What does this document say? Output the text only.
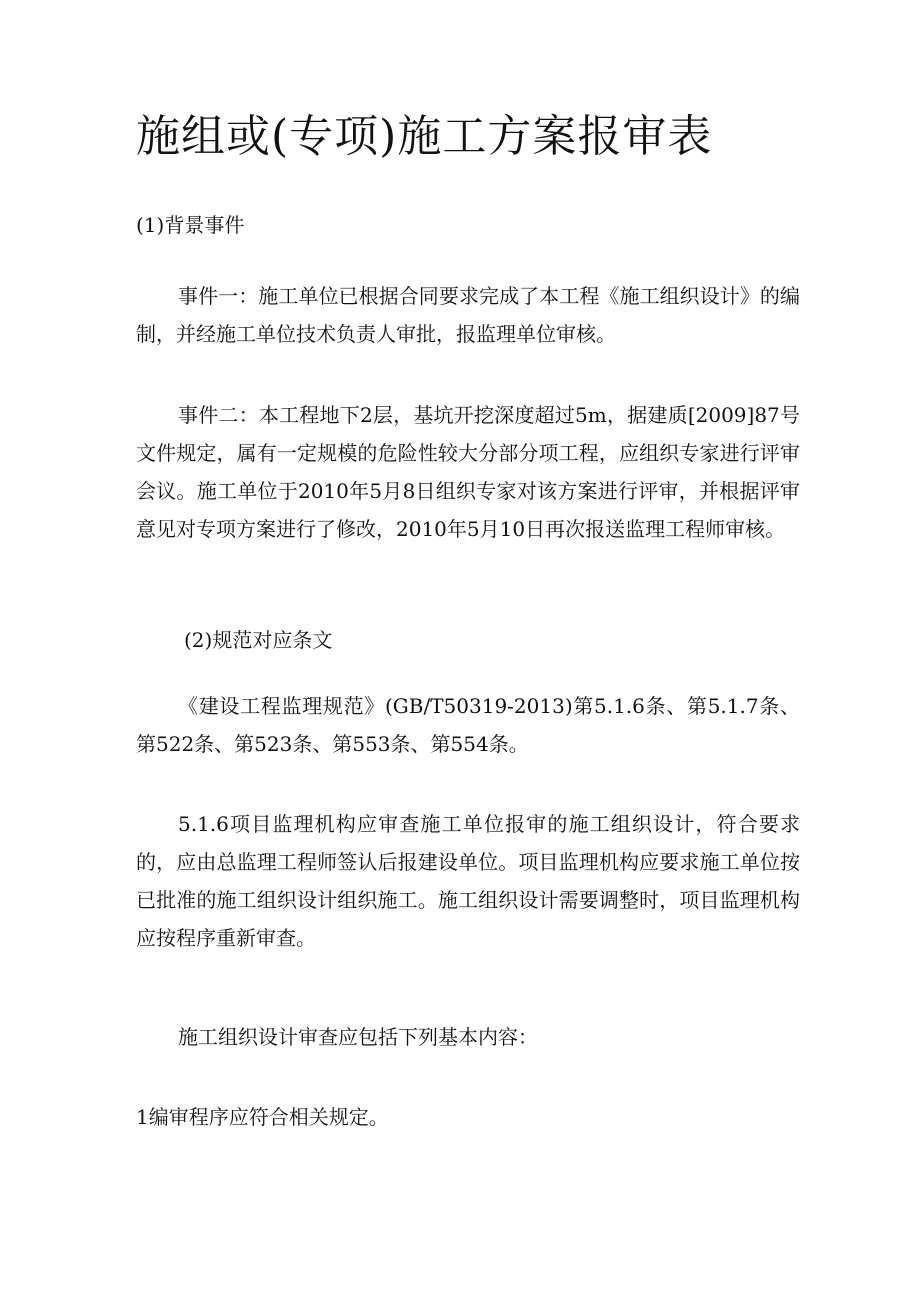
施组或(专项)施工方案报审表

(1)背景事件

事件一：施工单位已根据合同要求完成了本工程《施工组织设计》的编制，并经施工单位技术负责人审批，报监理单位审核。

事件二：本工程地下2层，基坑开挖深度超过5m，据建质[2009]87号文件规定，属有一定规模的危险性较大分部分项工程，应组织专家进行评审会议。施工单位于2010年5月8日组织专家对该方案进行评审，并根据评审意见对专项方案进行了修改，2010年5月10日再次报送监理工程师审核。

(2)规范对应条文

《建设工程监理规范》(GB/T50319-2013)第5.1.6条、第5.1.7条、第522条、第523条、第553条、第554条。

5.1.6项目监理机构应审查施工单位报审的施工组织设计，符合要求的，应由总监理工程师签认后报建设单位。项目监理机构应要求施工单位按已批准的施工组织设计组织施工。施工组织设计需要调整时，项目监理机构应按程序重新审查。

施工组织设计审查应包括下列基本内容：

1编审程序应符合相关规定。
